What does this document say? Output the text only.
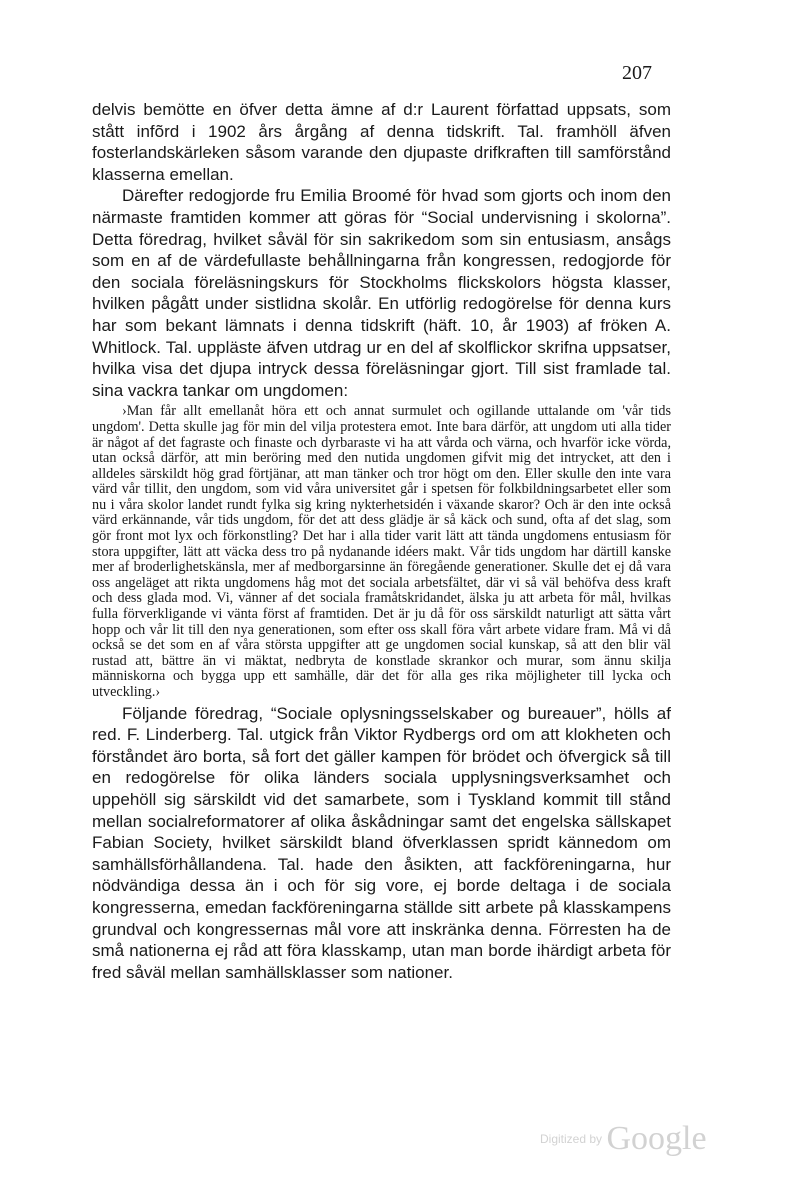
207

delvis bemötte en öfver detta ämne af d:r Laurent författad uppsats, som stått infõrd i 1902 års årgång af denna tidskrift. Tal. framhöll äfven fosterlandskärleken såsom varande den djupaste drifkraften till samförstånd klasserna emellan.

Därefter redogjorde fru Emilia Broomé för hvad som gjorts och inom den närmaste framtiden kommer att göras för “Social undervisning i skolorna”. Detta föredrag, hvilket såväl för sin sakrikedom som sin entusiasm, ansågs som en af de värdefullaste behållningarna från kongressen, redogjorde för den sociala föreläsningskurs för Stockholms flickskolors högsta klasser, hvilken pågått under sistlidna skolår. En utförlig redogörelse för denna kurs har som bekant lämnats i denna tidskrift (häft. 10, år 1903) af fröken A. Whitlock. Tal. uppläste äfven utdrag ur en del af skolflickor skrifna uppsatser, hvilka visa det djupa intryck dessa föreläsningar gjort. Till sist framlade tal. sina vackra tankar om ungdomen:

›Man får allt emellanåt höra ett och annat surmulet och ogillande uttalande om 'vår tids ungdom'. Detta skulle jag för min del vilja protestera emot. Inte bara därför, att ungdom uti alla tider är något af det fagraste och finaste och dyrbaraste vi ha att vårda och värna, och hvarför icke vörda, utan också därför, att min beröring med den nutida ungdomen gifvit mig det intrycket, att den i alldeles särskildt hög grad förtjänar, att man tänker och tror högt om den. Eller skulle den inte vara värd vår tillit, den ungdom, som vid våra universitet går i spetsen för folkbildningsarbetet eller som nu i våra skolor landet rundt fylka sig kring nykterhetsidén i växande skaror? Och är den inte också värd erkännande, vår tids ungdom, för det att dess glädje är så käck och sund, ofta af det slag, som gör front mot lyx och förkonstling? Det har i alla tider varit lätt att tända ungdomens entusiasm för stora uppgifter, lätt att väcka dess tro på nydanande idéers makt. Vår tids ungdom har därtill kanske mer af broderlighetskänsla, mer af medborgarsinne än föregående generationer. Skulle det ej då vara oss angeläget att rikta ungdomens håg mot det sociala arbetsfältet, där vi så väl behöfva dess kraft och dess glada mod. Vi, vänner af det sociala framåtskridandet, älska ju att arbeta för mål, hvilkas fulla förverkligande vi vänta först af framtiden. Det är ju då för oss särskildt naturligt att sätta vårt hopp och vår lit till den nya generationen, som efter oss skall föra vårt arbete vidare fram. Må vi då också se det som en af våra största uppgifter att ge ungdomen social kunskap, så att den blir väl rustad att, bättre än vi mäktat, nedbryta de konstlade skrankor och murar, som ännu skilja människorna och bygga upp ett samhälle, där det för alla ges rika möjligheter till lycka och utveckling.›

Följande föredrag, “Sociale oplysningsselskaber og bureauer”, hölls af red. F. Linderberg. Tal. utgick från Viktor Rydbergs ord om att klokheten och förståndet äro borta, så fort det gäller kampen för brödet och öfvergick så till en redogörelse för olika länders sociala upplysningsverksamhet och uppehöll sig särskildt vid det samarbete, som i Tyskland kommit till stånd mellan socialreformatorer af olika åskådningar samt det engelska sällskapet Fabian Society, hvilket särskildt bland öfverklassen spridt kännedom om samhällsförhållandena. Tal. hade den åsikten, att fackföreningarna, hur nödvändiga dessa än i och för sig vore, ej borde deltaga i de sociala kongresserna, emedan fackföreningarna ställde sitt arbete på klasskampens grundval och kongressernas mål vore att inskränka denna. Förresten ha de små nationerna ej råd att föra klasskamp, utan man borde ihärdigt arbeta för fred såväl mellan samhällsklasser som nationer.

$^{Digitized by}$ Google
